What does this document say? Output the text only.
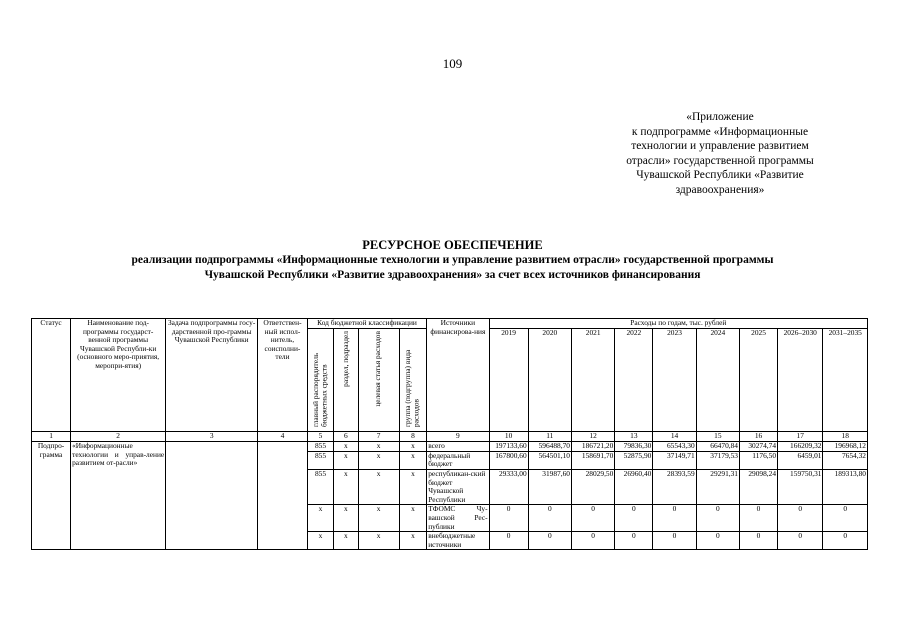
109
«Приложение
к подпрограмме «Информационные
технологии и управление развитием
отрасли» государственной программы
Чувашской Республики «Развитие
здравоохранения»
РЕСУРСНОЕ ОБЕСПЕЧЕНИЕ
реализации подпрограммы «Информационные технологии и управление развитием отрасли» государственной программы
Чувашской Республики «Развитие здравоохранения» за счет всех источников финансирования
Статус	Наименование под-программы государст-венной программы Чувашской Республи-ки (основного меро-приятия, меропри-ятия)	Задача подпрограммы госу-дарственной про-граммы Чувашской Республики	Ответствен-ный испол-нитель, соисполни-тели	Код бюджетной классификации				Источники финансирова-ния	Расходы по годам, тыс. рублей								
				главный распорядитель бюджетных средств	раздел, подраздел	целевая статья расходов	группа (подгруппа) вида расходов		2019	2020	2021	2022	2023	2024	2025	2026–2030	2031–2035

1	2	3	4	5	6	7	8	9	10	11	12	13	14	15	16	17	18
Подпро-грамма	«Информационные технологии и управ-ление развитием от-расли»			855	x	x	x	всего	197133,60	596488,70	186721,20	79836,30	65543,30	66470,84	30274,74	166209,32	196968,12
				855	x	x	x	федеральный бюджет	167800,60	564501,10	158691,70	52875,90	37149,71	37179,53	1176,50	6459,01	7654,32
				855	x	x	x	республикан-ский бюджет Чувашской Республики	29333,00	31987,60	28029,50	26960,40	28393,59	29291,31	29098,24	159750,31	189313,80
				x	x	x	x	ТФОМС Чу-вашской Рес-публики	0	0	0	0	0	0	0	0	0
				x	x	x	x	внебюджетные источники	0	0	0	0	0	0	0	0	0
